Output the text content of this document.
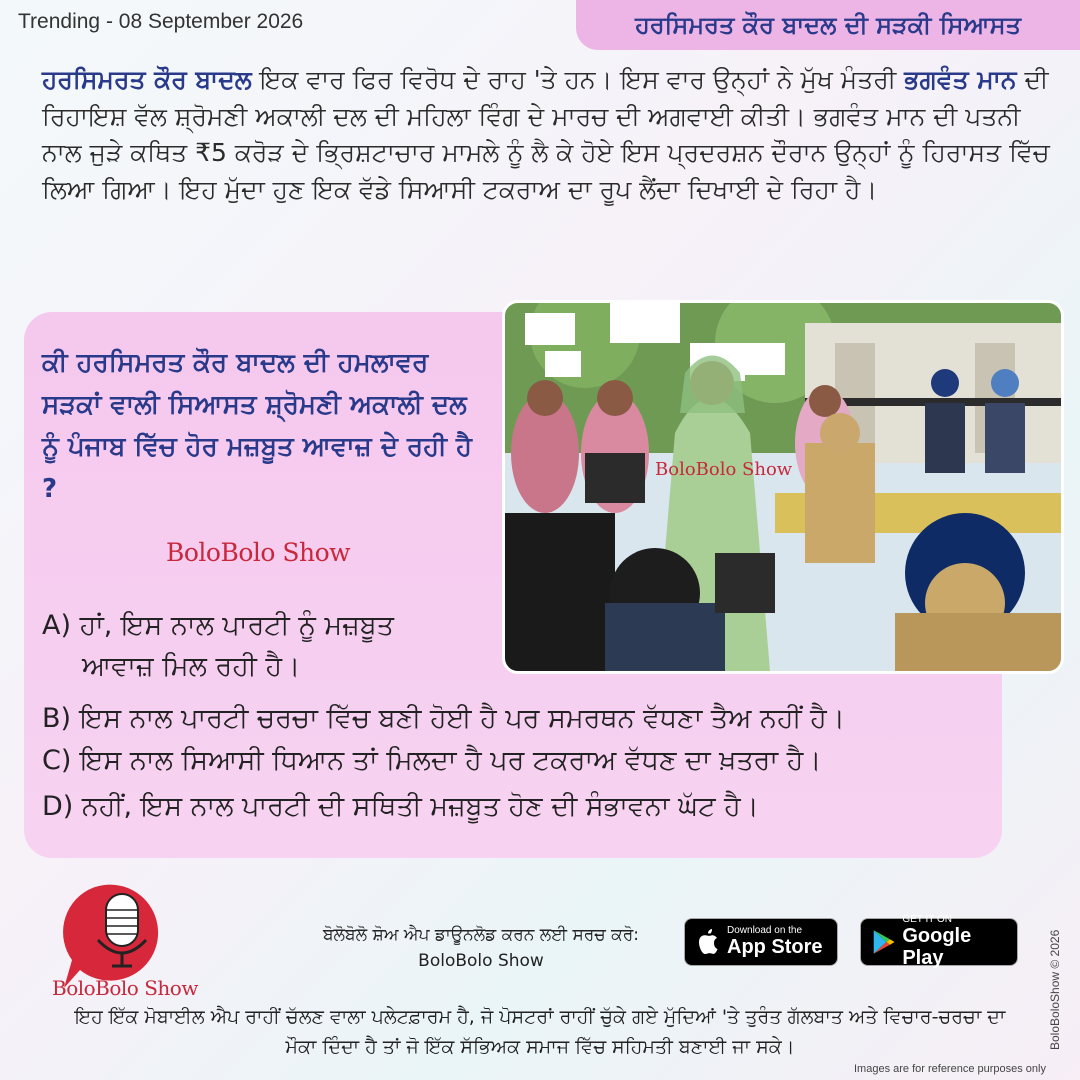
Trending - 08 September 2026	ਹਰਸਿਮਰਤ ਕੌਰ ਬਾਦਲ ਦੀ ਸੜਕੀ ਸਿਆਸਤ

ਹਰਸਿਮਰਤ ਕੌਰ ਬਾਦਲ ਇਕ ਵਾਰ ਫਿਰ ਵਿਰੋਧ ਦੇ ਰਾਹ 'ਤੇ ਹਨ। ਇਸ ਵਾਰ ਉਨ੍ਹਾਂ ਨੇ ਮੁੱਖ ਮੰਤਰੀ ਭਗਵੰਤ ਮਾਨ ਦੀ ਰਿਹਾਇਸ਼ ਵੱਲ ਸ਼੍ਰੋਮਣੀ ਅਕਾਲੀ ਦਲ ਦੀ ਮਹਿਲਾ ਵਿੰਗ ਦੇ ਮਾਰਚ ਦੀ ਅਗਵਾਈ ਕੀਤੀ। ਭਗਵੰਤ ਮਾਨ ਦੀ ਪਤਨੀ ਨਾਲ ਜੁੜੇ ਕਥਿਤ ₹5 ਕਰੋੜ ਦੇ ਭ੍ਰਿਸ਼ਟਾਚਾਰ ਮਾਮਲੇ ਨੂੰ ਲੈ ਕੇ ਹੋਏ ਇਸ ਪ੍ਰਦਰਸ਼ਨ ਦੌਰਾਨ ਉਨ੍ਹਾਂ ਨੂੰ ਹਿਰਾਸਤ ਵਿੱਚ ਲਿਆ ਗਿਆ। ਇਹ ਮੁੱਦਾ ਹੁਣ ਇਕ ਵੱਡੇ ਸਿਆਸੀ ਟਕਰਾਅ ਦਾ ਰੂਪ ਲੈਂਦਾ ਦਿਖਾਈ ਦੇ ਰਿਹਾ ਹੈ।

ਕੀ ਹਰਸਿਮਰਤ ਕੌਰ ਬਾਦਲ ਦੀ ਹਮਲਾਵਰ ਸੜਕਾਂ ਵਾਲੀ ਸਿਆਸਤ ਸ਼੍ਰੋਮਣੀ ਅਕਾਲੀ ਦਲ ਨੂੰ ਪੰਜਾਬ ਵਿੱਚ ਹੋਰ ਮਜ਼ਬੂਤ ਆਵਾਜ਼ ਦੇ ਰਹੀ ਹੈ ?
BoloBolo Show
BoloBolo Show
A) ਹਾਂ, ਇਸ ਨਾਲ ਪਾਰਟੀ ਨੂੰ ਮਜ਼ਬੂਤ ਆਵਾਜ਼ ਮਿਲ ਰਹੀ ਹੈ।
B) ਇਸ ਨਾਲ ਪਾਰਟੀ ਚਰਚਾ ਵਿੱਚ ਬਣੀ ਹੋਈ ਹੈ ਪਰ ਸਮਰਥਨ ਵੱਧਣਾ ਤੈਅ ਨਹੀਂ ਹੈ।
C) ਇਸ ਨਾਲ ਸਿਆਸੀ ਧਿਆਨ ਤਾਂ ਮਿਲਦਾ ਹੈ ਪਰ ਟਕਰਾਅ ਵੱਧਣ ਦਾ ਖ਼ਤਰਾ ਹੈ।
D) ਨਹੀਂ, ਇਸ ਨਾਲ ਪਾਰਟੀ ਦੀ ਸਥਿਤੀ ਮਜ਼ਬੂਤ ਹੋਣ ਦੀ ਸੰਭਾਵਨਾ ਘੱਟ ਹੈ।
BoloBolo Show
ਬੋਲੋਬੋਲੋ ਸ਼ੋਅ ਐਪ ਡਾਊਨਲੋਡ ਕਰਨ ਲਈ ਸਰਚ ਕਰੋ:
BoloBolo Show
Download on the
App Store
GET IT ON
Google Play
ਇਹ ਇੱਕ ਮੋਬਾਈਲ ਐਪ ਰਾਹੀਂ ਚੱਲਣ ਵਾਲਾ ਪਲੇਟਫ਼ਾਰਮ ਹੈ, ਜੋ ਪੋਸਟਰਾਂ ਰਾਹੀਂ ਚੁੱਕੇ ਗਏ ਮੁੱਦਿਆਂ 'ਤੇ ਤੁਰੰਤ ਗੱਲਬਾਤ ਅਤੇ ਵਿਚਾਰ-ਚਰਚਾ ਦਾ ਮੌਕਾ ਦਿੰਦਾ ਹੈ ਤਾਂ ਜੋ ਇੱਕ ਸੱਭਿਅਕ ਸਮਾਜ ਵਿੱਚ ਸਹਿਮਤੀ ਬਣਾਈ ਜਾ ਸਕੇ।	BoloBoloShow © 2026
Images are for reference purposes only
